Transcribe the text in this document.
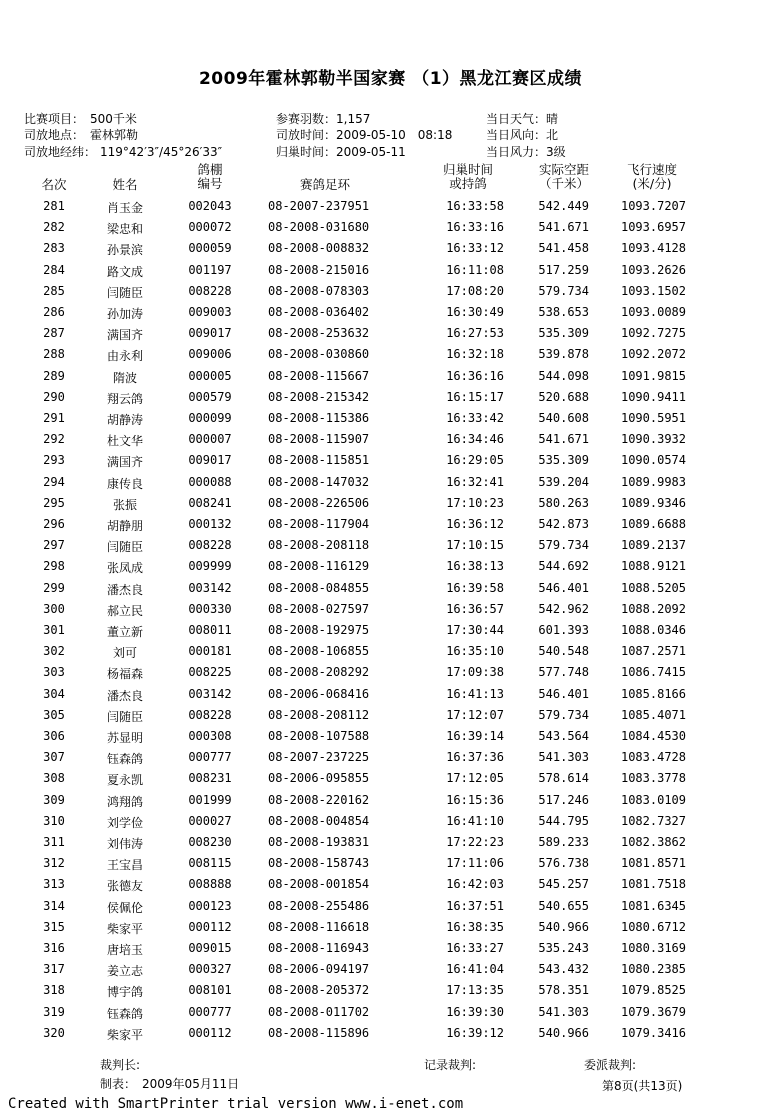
2009年霍林郭勒半国家赛 （1）黑龙江赛区成绩
比赛项目： 500千米
司放地点： 霍林郭勒
司放地经纬： 119°42′3″/45°26′33″
参赛羽数：1,157
司放时间：2009-05-10　08:18
归巢时间：2009-05-11
当日天气：晴
当日风向：北
当日风力：3级
名次	姓名
鸽棚
编号	赛鸽足环
归巢时间
或持鸽
实际空距
（千米）
飞行速度
(米/分)
281	肖玉金	002043	08-2007-237951	16:33:58	542.449	1093.7207
282	梁忠和	000072	08-2008-031680	16:33:16	541.671	1093.6957
283	孙景滨	000059	08-2008-008832	16:33:12	541.458	1093.4128
284	路文成	001197	08-2008-215016	16:11:08	517.259	1093.2626
285	闫随臣	008228	08-2008-078303	17:08:20	579.734	1093.1502
286	孙加涛	009003	08-2008-036402	16:30:49	538.653	1093.0089
287	满国齐	009017	08-2008-253632	16:27:53	535.309	1092.7275
288	由永利	009006	08-2008-030860	16:32:18	539.878	1092.2072
289	隋波	000005	08-2008-115667	16:36:16	544.098	1091.9815
290	翔云鸽	000579	08-2008-215342	16:15:17	520.688	1090.9411
291	胡静涛	000099	08-2008-115386	16:33:42	540.608	1090.5951
292	杜文华	000007	08-2008-115907	16:34:46	541.671	1090.3932
293	满国齐	009017	08-2008-115851	16:29:05	535.309	1090.0574
294	康传良	000088	08-2008-147032	16:32:41	539.204	1089.9983
295	张振	008241	08-2008-226506	17:10:23	580.263	1089.9346
296	胡静朋	000132	08-2008-117904	16:36:12	542.873	1089.6688
297	闫随臣	008228	08-2008-208118	17:10:15	579.734	1089.2137
298	张凤成	009999	08-2008-116129	16:38:13	544.692	1088.9121
299	潘杰良	003142	08-2008-084855	16:39:58	546.401	1088.5205
300	郝立民	000330	08-2008-027597	16:36:57	542.962	1088.2092
301	董立新	008011	08-2008-192975	17:30:44	601.393	1088.0346
302	刘可	000181	08-2008-106855	16:35:10	540.548	1087.2571
303	杨福森	008225	08-2008-208292	17:09:38	577.748	1086.7415
304	潘杰良	003142	08-2006-068416	16:41:13	546.401	1085.8166
305	闫随臣	008228	08-2008-208112	17:12:07	579.734	1085.4071
306	苏显明	000308	08-2008-107588	16:39:14	543.564	1084.4530
307	钰森鸽	000777	08-2007-237225	16:37:36	541.303	1083.4728
308	夏永凯	008231	08-2006-095855	17:12:05	578.614	1083.3778
309	鸿翔鸽	001999	08-2008-220162	16:15:36	517.246	1083.0109
310	刘学俭	000027	08-2008-004854	16:41:10	544.795	1082.7327
311	刘伟涛	008230	08-2008-193831	17:22:23	589.233	1082.3862
312	王宝昌	008115	08-2008-158743	17:11:06	576.738	1081.8571
313	张德友	008888	08-2008-001854	16:42:03	545.257	1081.7518
314	侯佩伦	000123	08-2008-255486	16:37:51	540.655	1081.6345
315	柴家平	000112	08-2008-116618	16:38:35	540.966	1080.6712
316	唐培玉	009015	08-2008-116943	16:33:27	535.243	1080.3169
317	姜立志	000327	08-2006-094197	16:41:04	543.432	1080.2385
318	博宇鸽	008101	08-2008-205372	17:13:35	578.351	1079.8525
319	钰森鸽	000777	08-2008-011702	16:39:30	541.303	1079.3679
320	柴家平	000112	08-2008-115896	16:39:12	540.966	1079.3416
裁判长:	记录裁判:	委派裁判:
制表： 2009年05月11日	第8页(共13页)
Created with SmartPrinter trial version www.i-enet.com
